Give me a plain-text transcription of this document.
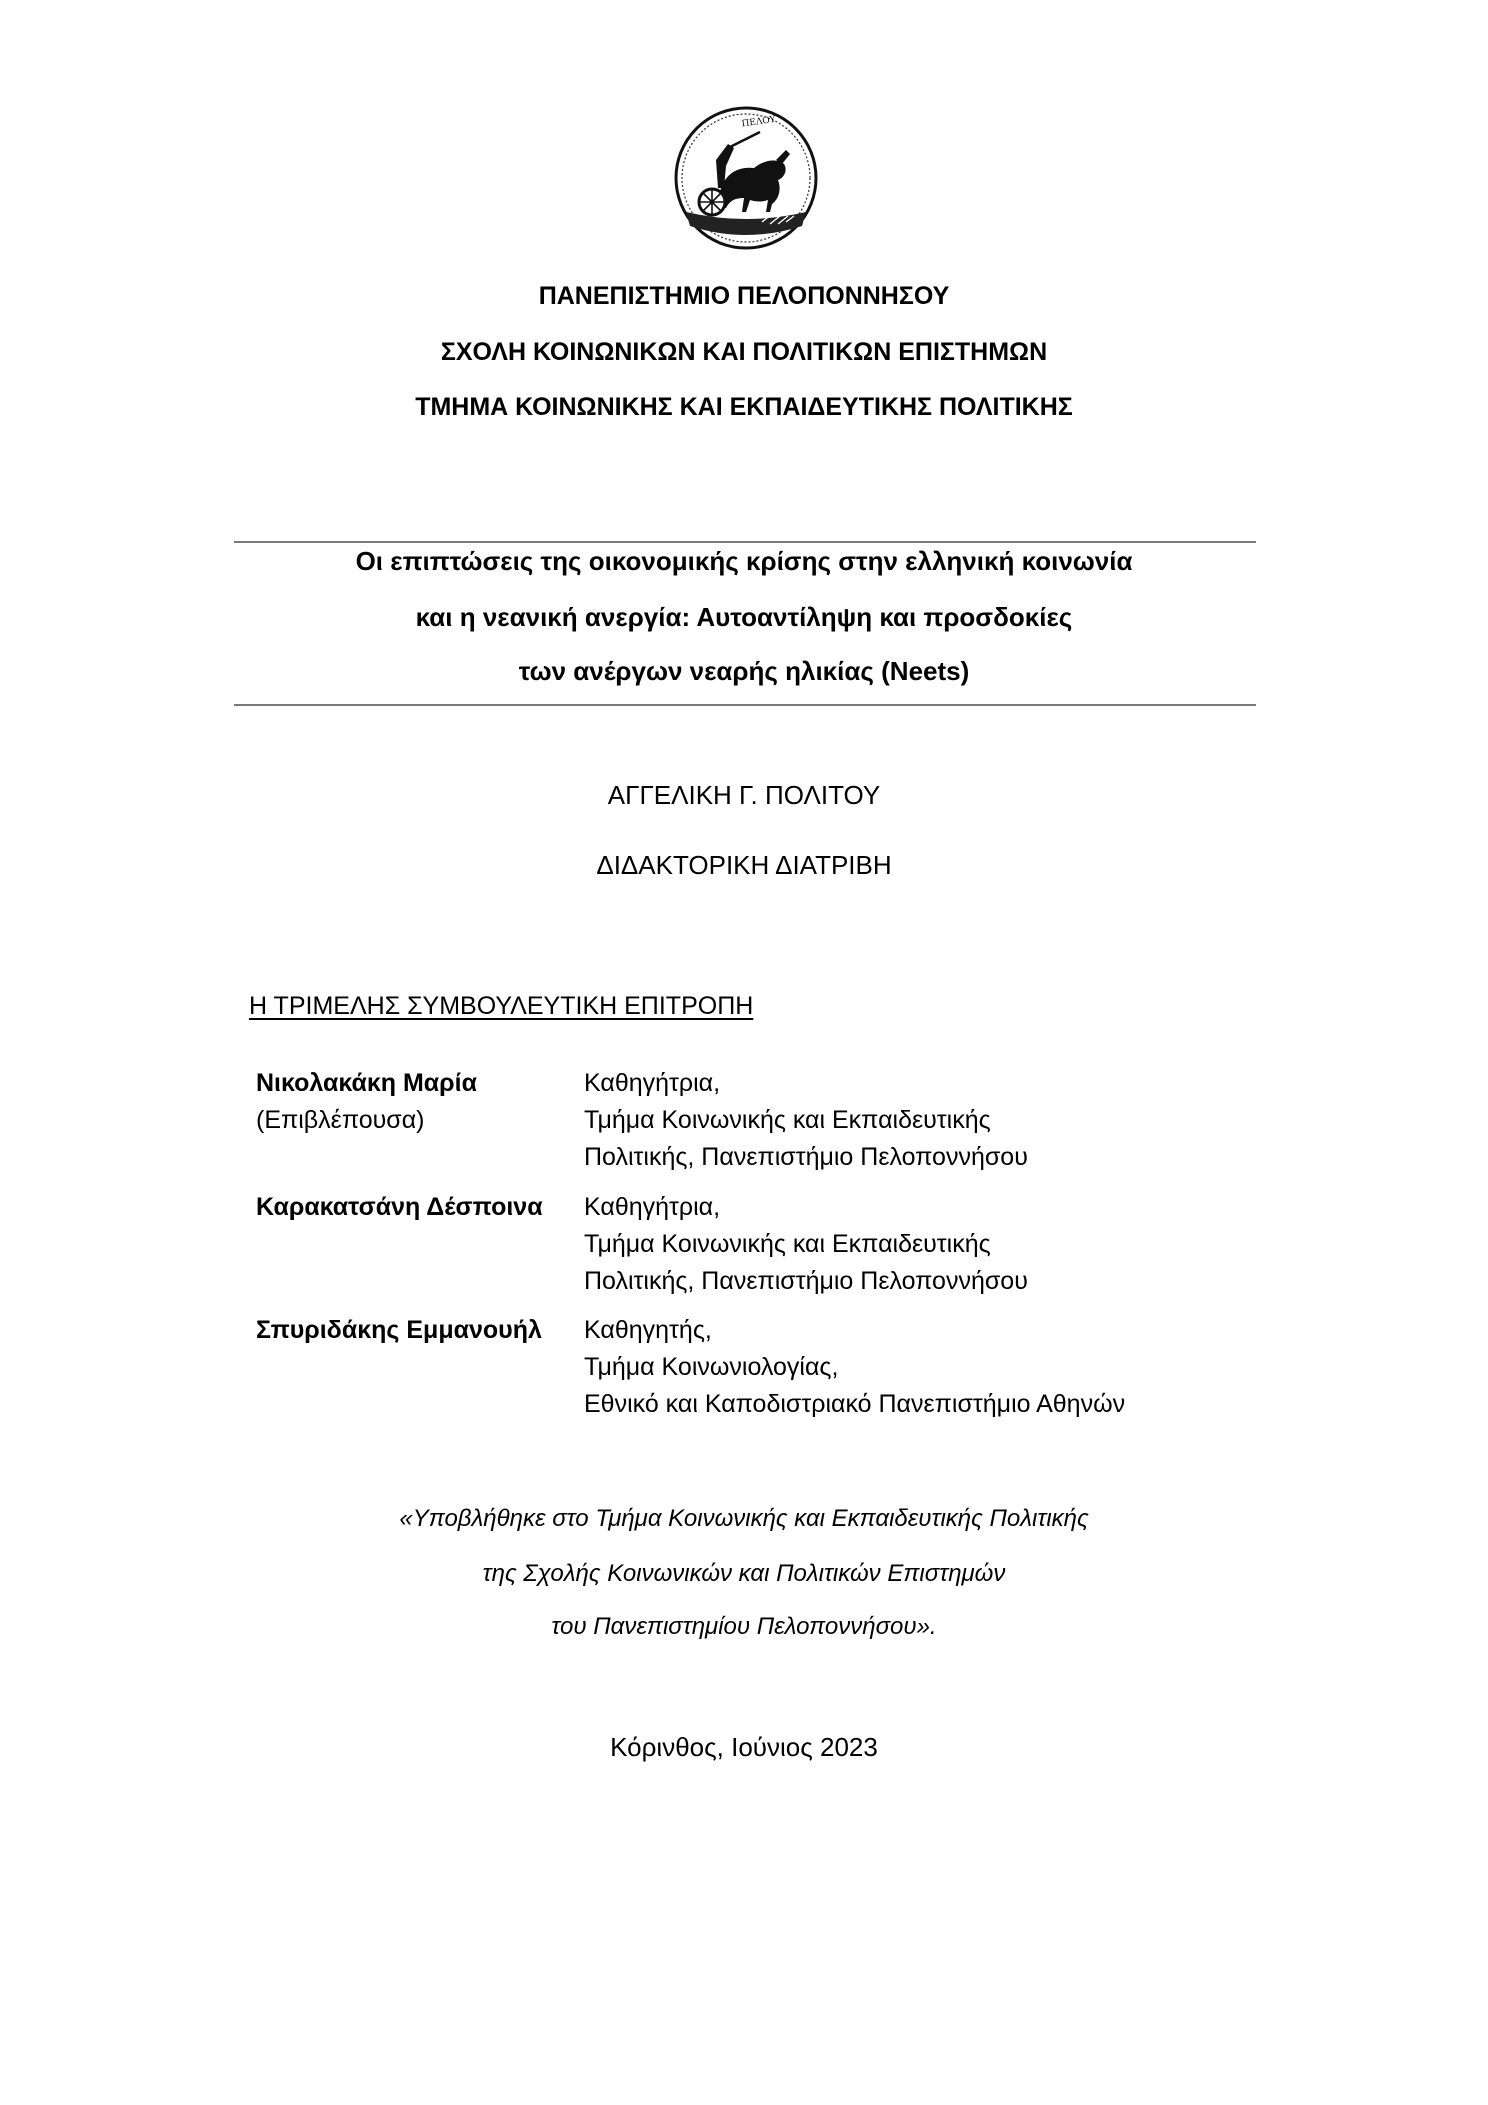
ΠΕΛΟΥ
ΠΑΝΕΠΙΣΤΗΜΙΟ ΠΕΛΟΠΟΝΝΗΣΟΥ
ΣΧΟΛΗ ΚΟΙΝΩΝΙΚΩΝ ΚΑΙ ΠΟΛΙΤΙΚΩΝ ΕΠΙΣΤΗΜΩΝ
ΤΜΗΜΑ ΚΟΙΝΩΝΙΚΗΣ ΚΑΙ ΕΚΠΑΙΔΕΥΤΙΚΗΣ ΠΟΛΙΤΙΚΗΣ
Οι επιπτώσεις της οικονομικής κρίσης στην ελληνική κοινωνία
και η νεανική ανεργία: Αυτοαντίληψη και προσδοκίες
των ανέργων νεαρής ηλικίας (Neets)
ΑΓΓΕΛΙΚΗ Γ. ΠΟΛΙΤΟΥ
ΔΙΔΑΚΤΟΡΙΚΗ ΔΙΑΤΡΙΒΗ
Η ΤΡΙΜΕΛΗΣ ΣΥΜΒΟΥΛΕΥΤΙΚΗ ΕΠΙΤΡΟΠΗ
Νικολακάκη Μαρία
(Επιβλέπουσα)
Καθηγήτρια,
Τμήμα Κοινωνικής και Εκπαιδευτικής
Πολιτικής, Πανεπιστήμιο Πελοποννήσου
Καρακατσάνη Δέσποινα Καθηγήτρια,
Τμήμα Κοινωνικής και Εκπαιδευτικής
Πολιτικής, Πανεπιστήμιο Πελοποννήσου
Σπυριδάκης Εμμανουήλ Καθηγητής,
Τμήμα Κοινωνιολογίας,
Εθνικό και Καποδιστριακό Πανεπιστήμιο Αθηνών
«Υποβλήθηκε στο Τμήμα Κοινωνικής και Εκπαιδευτικής Πολιτικής
της Σχολής Κοινωνικών και Πολιτικών Επιστημών
του Πανεπιστημίου Πελοποννήσου».
Κόρινθος, Ιούνιος 2023
